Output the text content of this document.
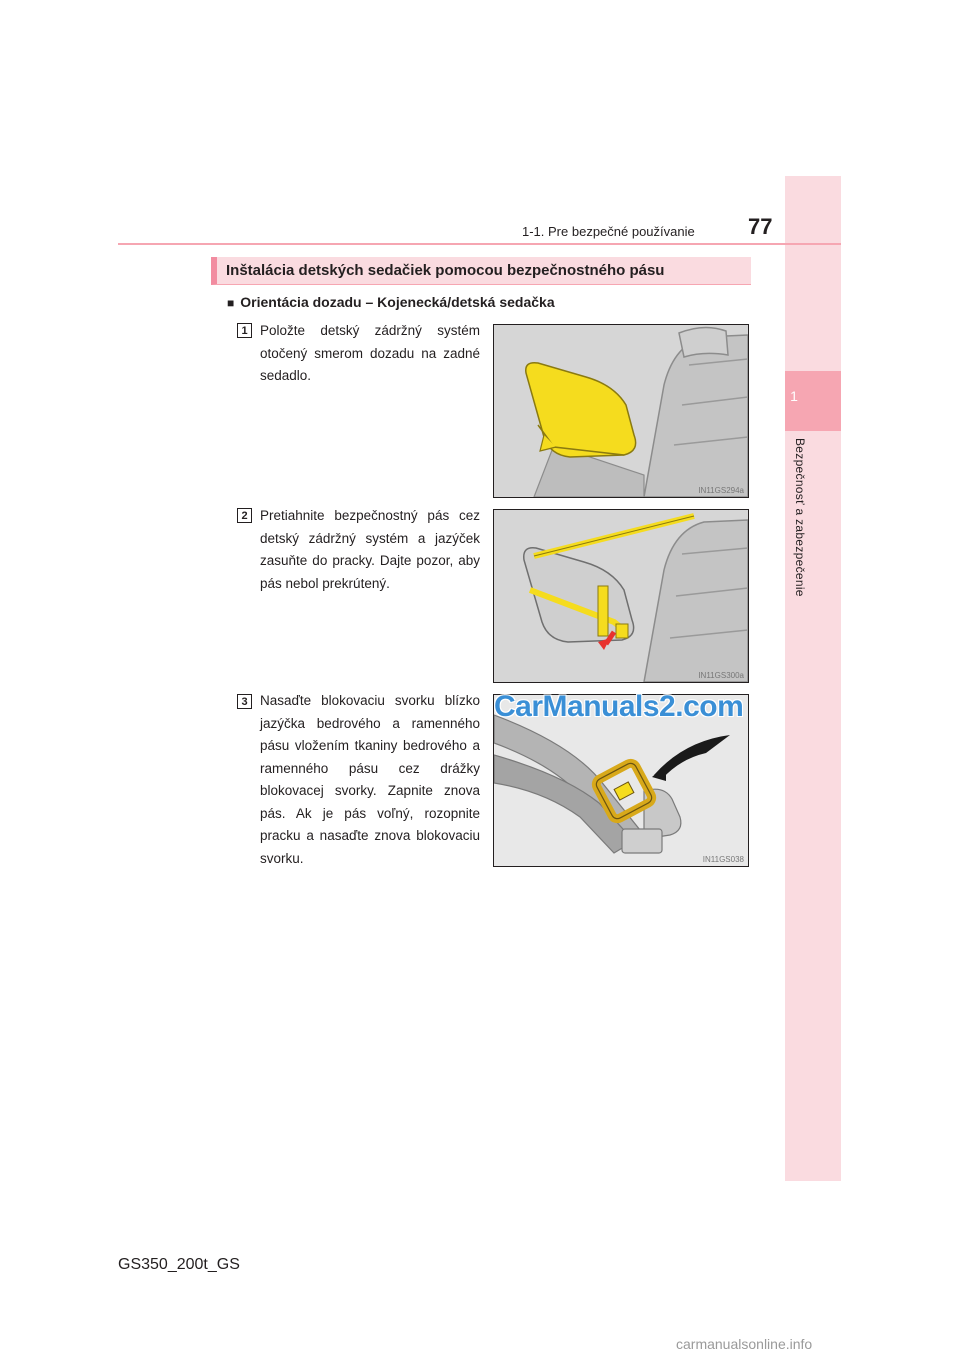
1
Bezpečnosť a zabezpečenie
1-1. Pre bezpečné používanie 77
Inštalácia detských sedačiek pomocou bezpečnostného pásu
■ Orientácia dozadu – Kojenecká/detská sedačka
1 Položte detský zádržný systém otočený smerom dozadu na zadné sedadlo.
IN11GS294a
2 Pretiahnite bezpečnostný pás cez detský zádržný systém a jazýček zasuňte do pracky. Dajte pozor, aby pás nebol prekrútený.
IN11GS300a
3 Nasaďte blokovaciu svorku blízko jazýčka bedrového a ramenného pásu vložením tkaniny bedrového a ramenného pásu cez drážky blokovacej svorky. Zapnite znova pás. Ak je pás voľný, rozopnite pracku a nasaďte znova blokovaciu svorku.	IN11GS038
CarManuals2.com
GS350_200t_GS
carmanualsonline.info
